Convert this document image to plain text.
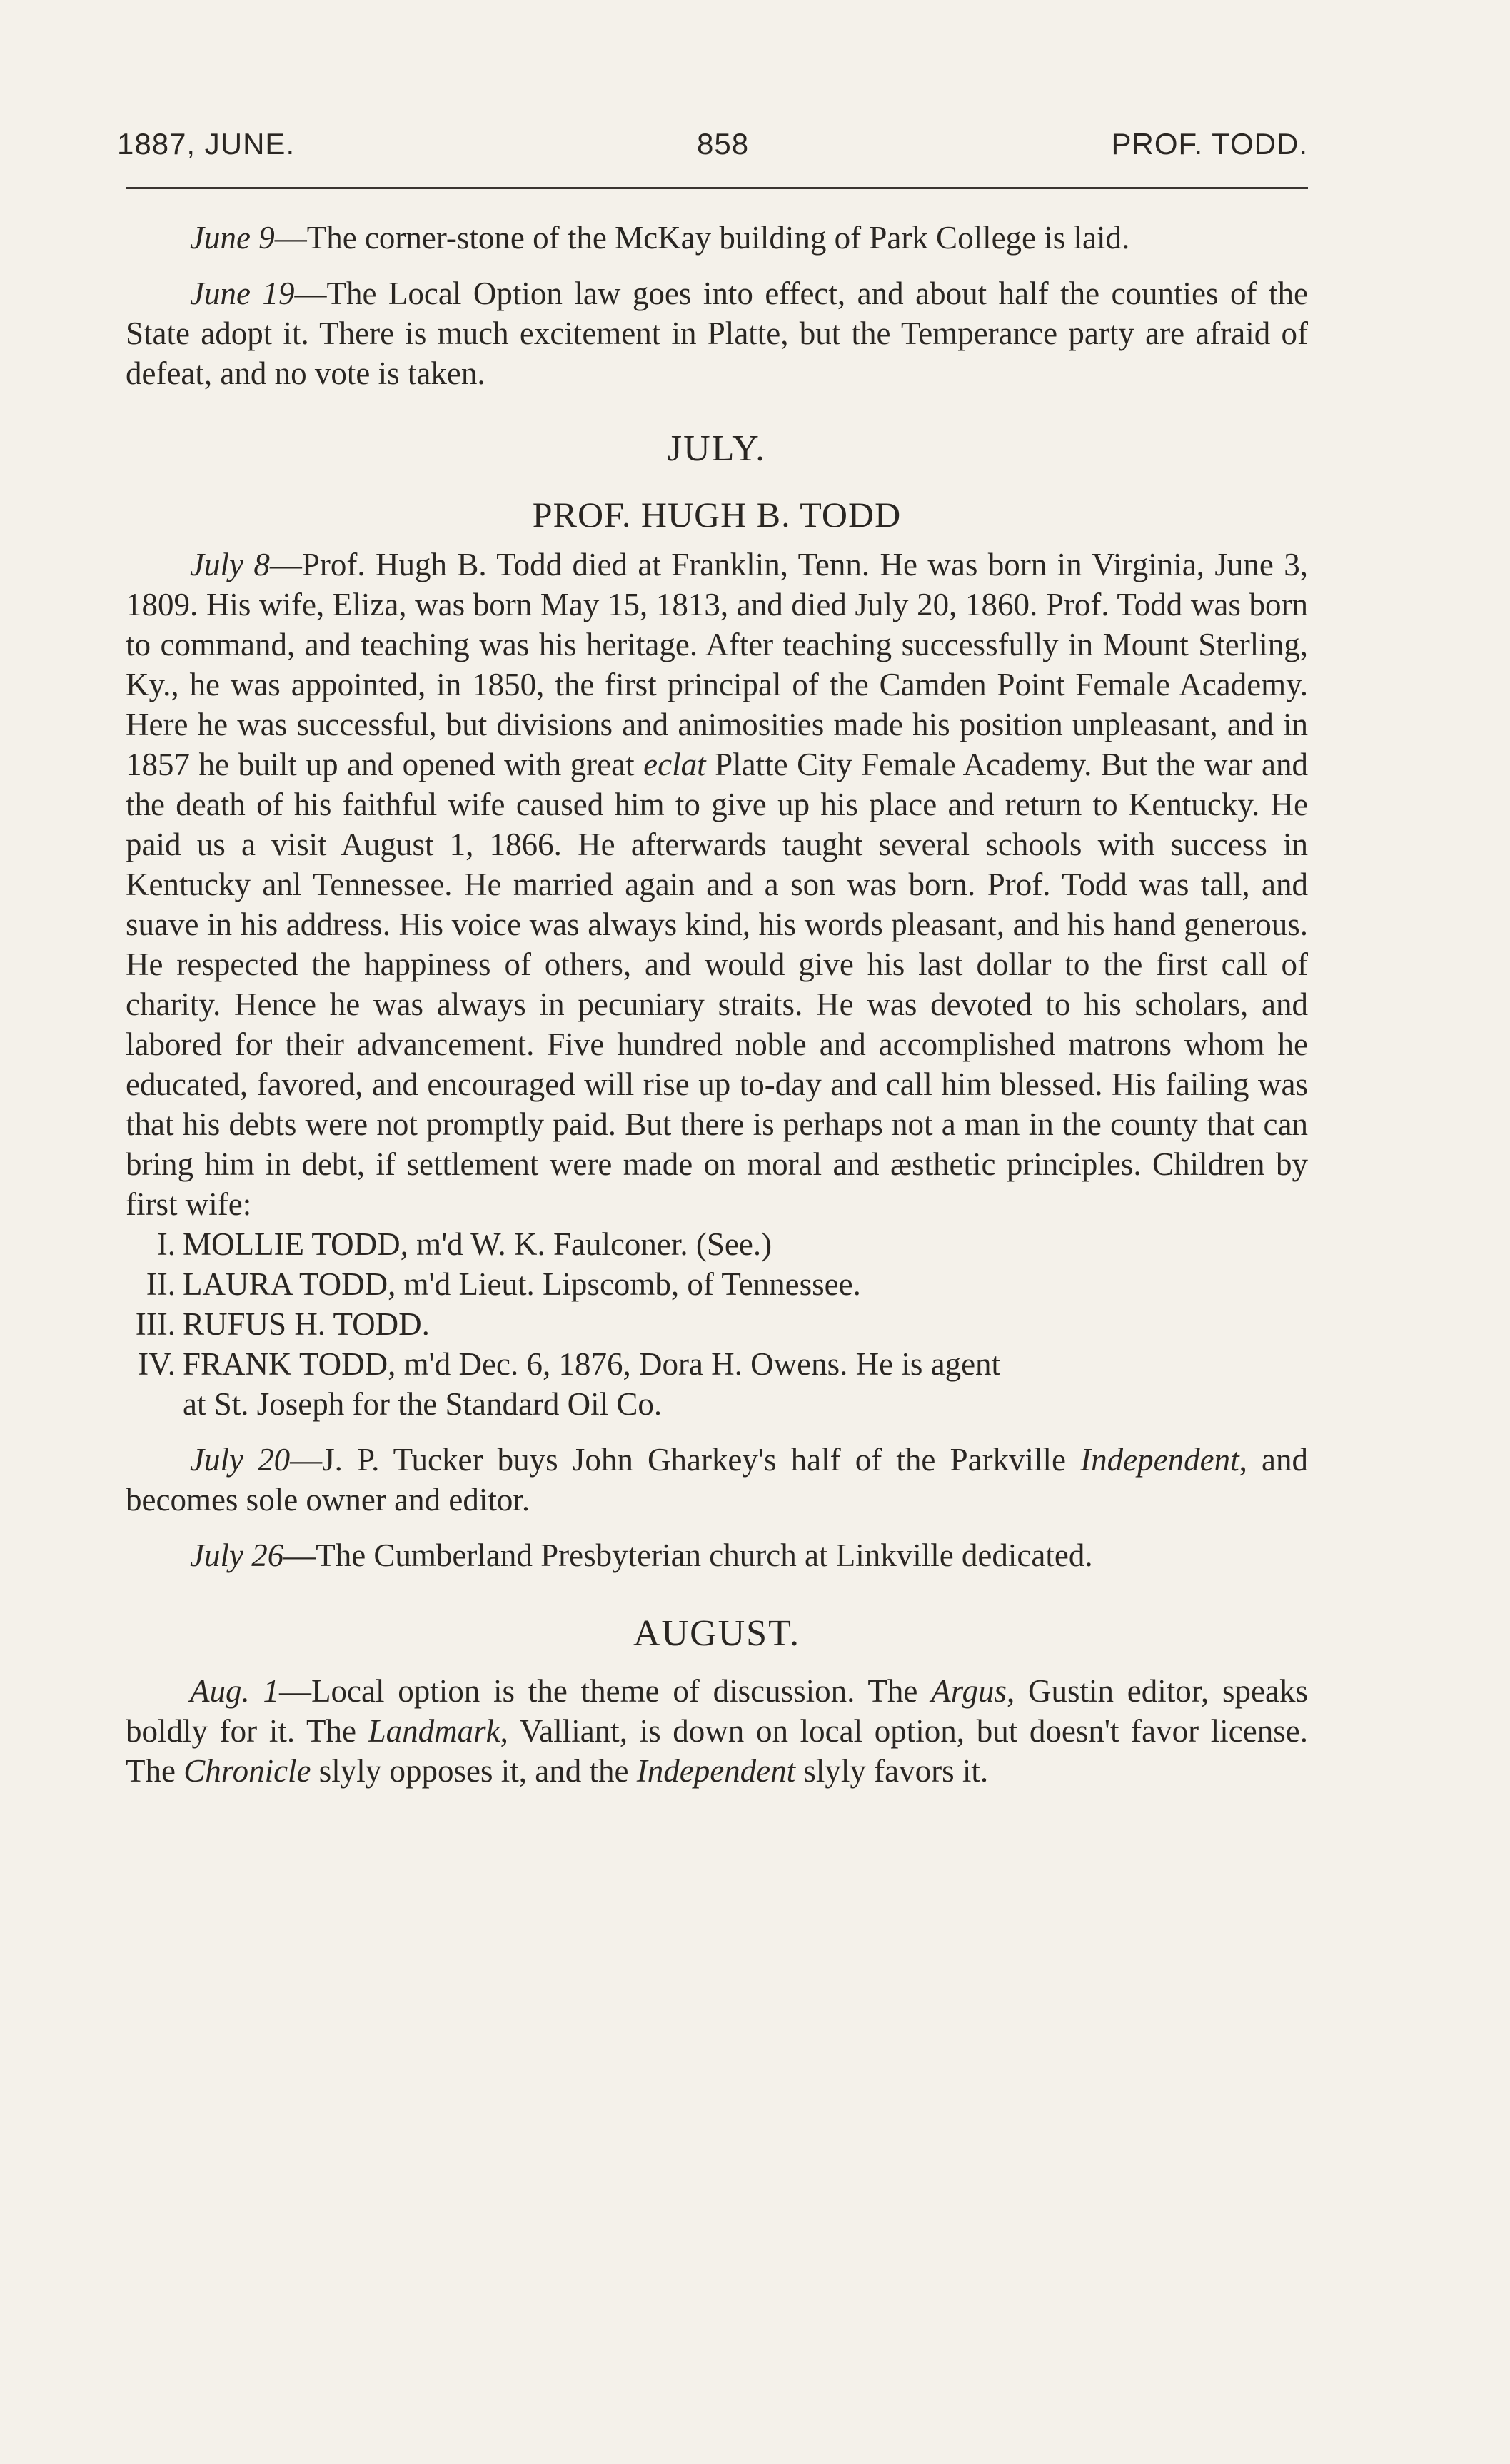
1887, JUNE.	858	PROF. TODD.

June 9—The corner-stone of the McKay building of Park College is laid.

June 19—The Local Option law goes into effect, and about half the counties of the State adopt it. There is much excitement in Platte, but the Temperance party are afraid of defeat, and no vote is taken.

JULY.
PROF. HUGH B. TODD

July 8—Prof. Hugh B. Todd died at Franklin, Tenn. He was born in Virginia, June 3, 1809. His wife, Eliza, was born May 15, 1813, and died July 20, 1860. Prof. Todd was born to command, and teaching was his heritage. After teaching successfully in Mount Sterling, Ky., he was appointed, in 1850, the first principal of the Camden Point Female Academy. Here he was successful, but divisions and animosities made his position unpleasant, and in 1857 he built up and opened with great eclat Platte City Female Academy. But the war and the death of his faithful wife caused him to give up his place and return to Kentucky. He paid us a visit August 1, 1866. He afterwards taught several schools with success in Kentucky anl Tennessee. He married again and a son was born. Prof. Todd was tall, and suave in his address. His voice was always kind, his words pleasant, and his hand generous. He respected the happiness of others, and would give his last dollar to the first call of charity. Hence he was always in pecuniary straits. He was devoted to his scholars, and labored for their advancement. Five hundred noble and accomplished matrons whom he educated, favored, and encouraged will rise up to-day and call him blessed. His failing was that his debts were not promptly paid. But there is perhaps not a man in the county that can bring him in debt, if settlement were made on moral and æsthetic principles. Children by first wife:

I. MOLLIE TODD, m'd W. K. Faulconer. (See.)
II. LAURA TODD, m'd Lieut. Lipscomb, of Tennessee.
III. RUFUS H. TODD.
IV. FRANK TODD, m'd Dec. 6, 1876, Dora H. Owens. He is agent
at St. Joseph for the Standard Oil Co.

July 20—J. P. Tucker buys John Gharkey's half of the Parkville Independent, and becomes sole owner and editor.

July 26—The Cumberland Presbyterian church at Linkville dedicated.

AUGUST.

Aug. 1—Local option is the theme of discussion. The Argus, Gustin editor, speaks boldly for it. The Landmark, Valliant, is down on local option, but doesn't favor license. The Chronicle slyly opposes it, and the Independent slyly favors it.
